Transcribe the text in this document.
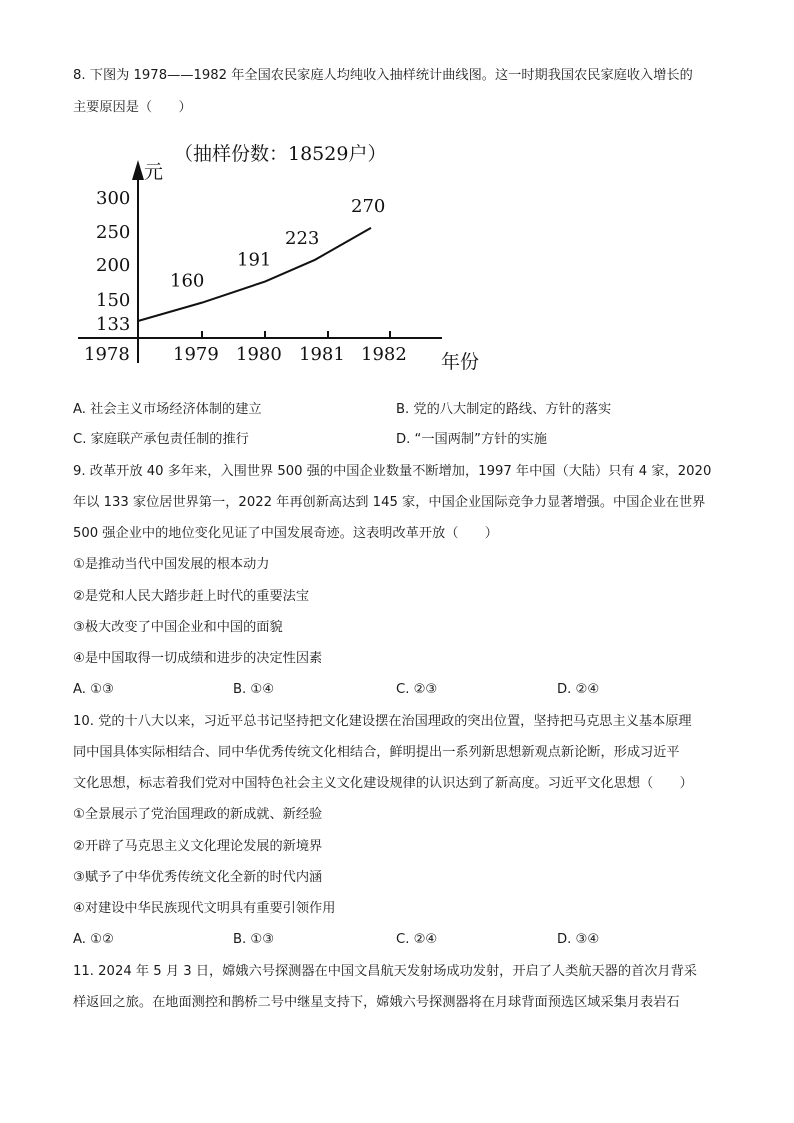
8. 下图为 1978——1982 年全国农民家庭人均纯收入抽样统计曲线图。这一时期我国农民家庭收入增长的
主要原因是（　　）
（抽样份数：18529户）
元
年份
300
250
200
150
133
1978 1979 1980 1981 1982
160
191
223
270
A. 社会主义市场经济体制的建立	B. 党的八大制定的路线、方针的落实
C. 家庭联产承包责任制的推行	D. “一国两制”方针的实施
9. 改革开放 40 多年来，入围世界 500 强的中国企业数量不断增加，1997 年中国（大陆）只有 4 家，2020
年以 133 家位居世界第一，2022 年再创新高达到 145 家，中国企业国际竞争力显著增强。中国企业在世界
500 强企业中的地位变化见证了中国发展奇迹。这表明改革开放（　　）
①是推动当代中国发展的根本动力
②是党和人民大踏步赶上时代的重要法宝
③极大改变了中国企业和中国的面貌
④是中国取得一切成绩和进步的决定性因素
A. ①③	B. ①④	C. ②③	D. ②④
10. 党的十八大以来，习近平总书记坚持把文化建设摆在治国理政的突出位置，坚持把马克思主义基本原理
同中国具体实际相结合、同中华优秀传统文化相结合，鲜明提出一系列新思想新观点新论断，形成习近平
文化思想，标志着我们党对中国特色社会主义文化建设规律的认识达到了新高度。习近平文化思想（　　）
①全景展示了党治国理政的新成就、新经验
②开辟了马克思主义文化理论发展的新境界
③赋予了中华优秀传统文化全新的时代内涵
④对建设中华民族现代文明具有重要引领作用
A. ①②	B. ①③	C. ②④	D. ③④
11. 2024 年 5 月 3 日，嫦娥六号探测器在中国文昌航天发射场成功发射，开启了人类航天器的首次月背采
样返回之旅。在地面测控和鹊桥二号中继星支持下，嫦娥六号探测器将在月球背面预选区域采集月表岩石
